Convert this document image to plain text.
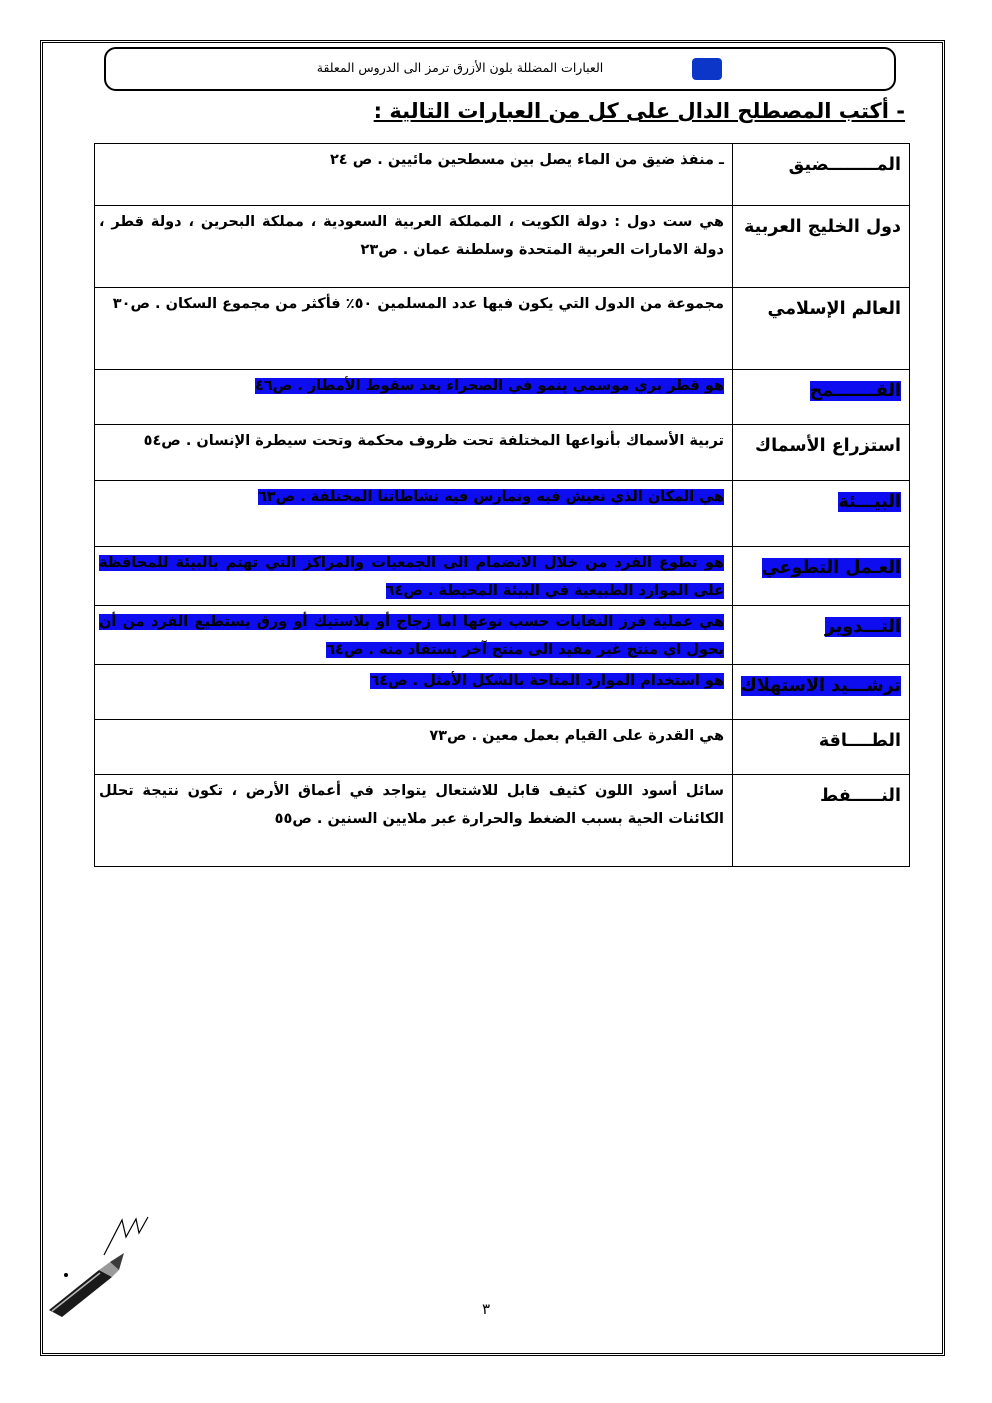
العبارات المضللة بلون الأزرق ترمز الى الدروس المعلقة
- أكتب المصطلح الدال على كل من العبارات التالية :
المــــــــضيق	ـ منفذ ضيق من الماء يصل بين مسطحين مائيين . ص ٢٤
دول الخليج العربية	هي ست دول : دولة الكويت ، المملكة العربية السعودية ، مملكة البحرين ، دولة قطر ، دولة الامارات العربية المتحدة وسلطنة عمان . ص٢٣
العالم الإسلامي	مجموعة من الدول التي يكون فيها عدد المسلمين ٥٠٪ فأكثر من مجموع السكان . ص٣٠
القـــــــمح	هو قطر بري موسمي ينمو في الصحراء بعد سقوط الأمطار . ص٤٦
استزراع الأسماك	تربية الأسماك بأنواعها المختلفة تحت ظروف محكمة وتحت سيطرة الإنسان . ص٥٤
البيـــئة	هي المكان الذي نعيش فيه ونمارس فيه نشاطاتنا المختلفة . ص٦٣
العـمل التطوعي	هو تطوع الفرد من خلال الانضمام الى الجمعيات والمراكز التي تهتم بالبيئة للمحافظة على الموارد الطبيعية في البيئة المحيطة . ص٦٤
التـــدوير	هي عملية فرز النفايات حسب نوعها اما زجاج أو بلاستيك أو ورق يستطيع الفرد من أن يحول اي منتج غير مفيد الى منتج آخر يستفاد منه . ص٦٤
ترشـــيد الاستهلاك	هو استخدام الموارد المتاحة بالشكل الأمثل . ص٦٤
الطــــاقة	هي القدرة على القيام بعمل معين . ص٧٣
النـــــفط	سائل أسود اللون كثيف قابل للاشتعال يتواجد في أعماق الأرض ، تكون نتيجة تحلل الكائنات الحية بسبب الضغط والحرارة عبر ملايين السنين . ص٥٥
٣
